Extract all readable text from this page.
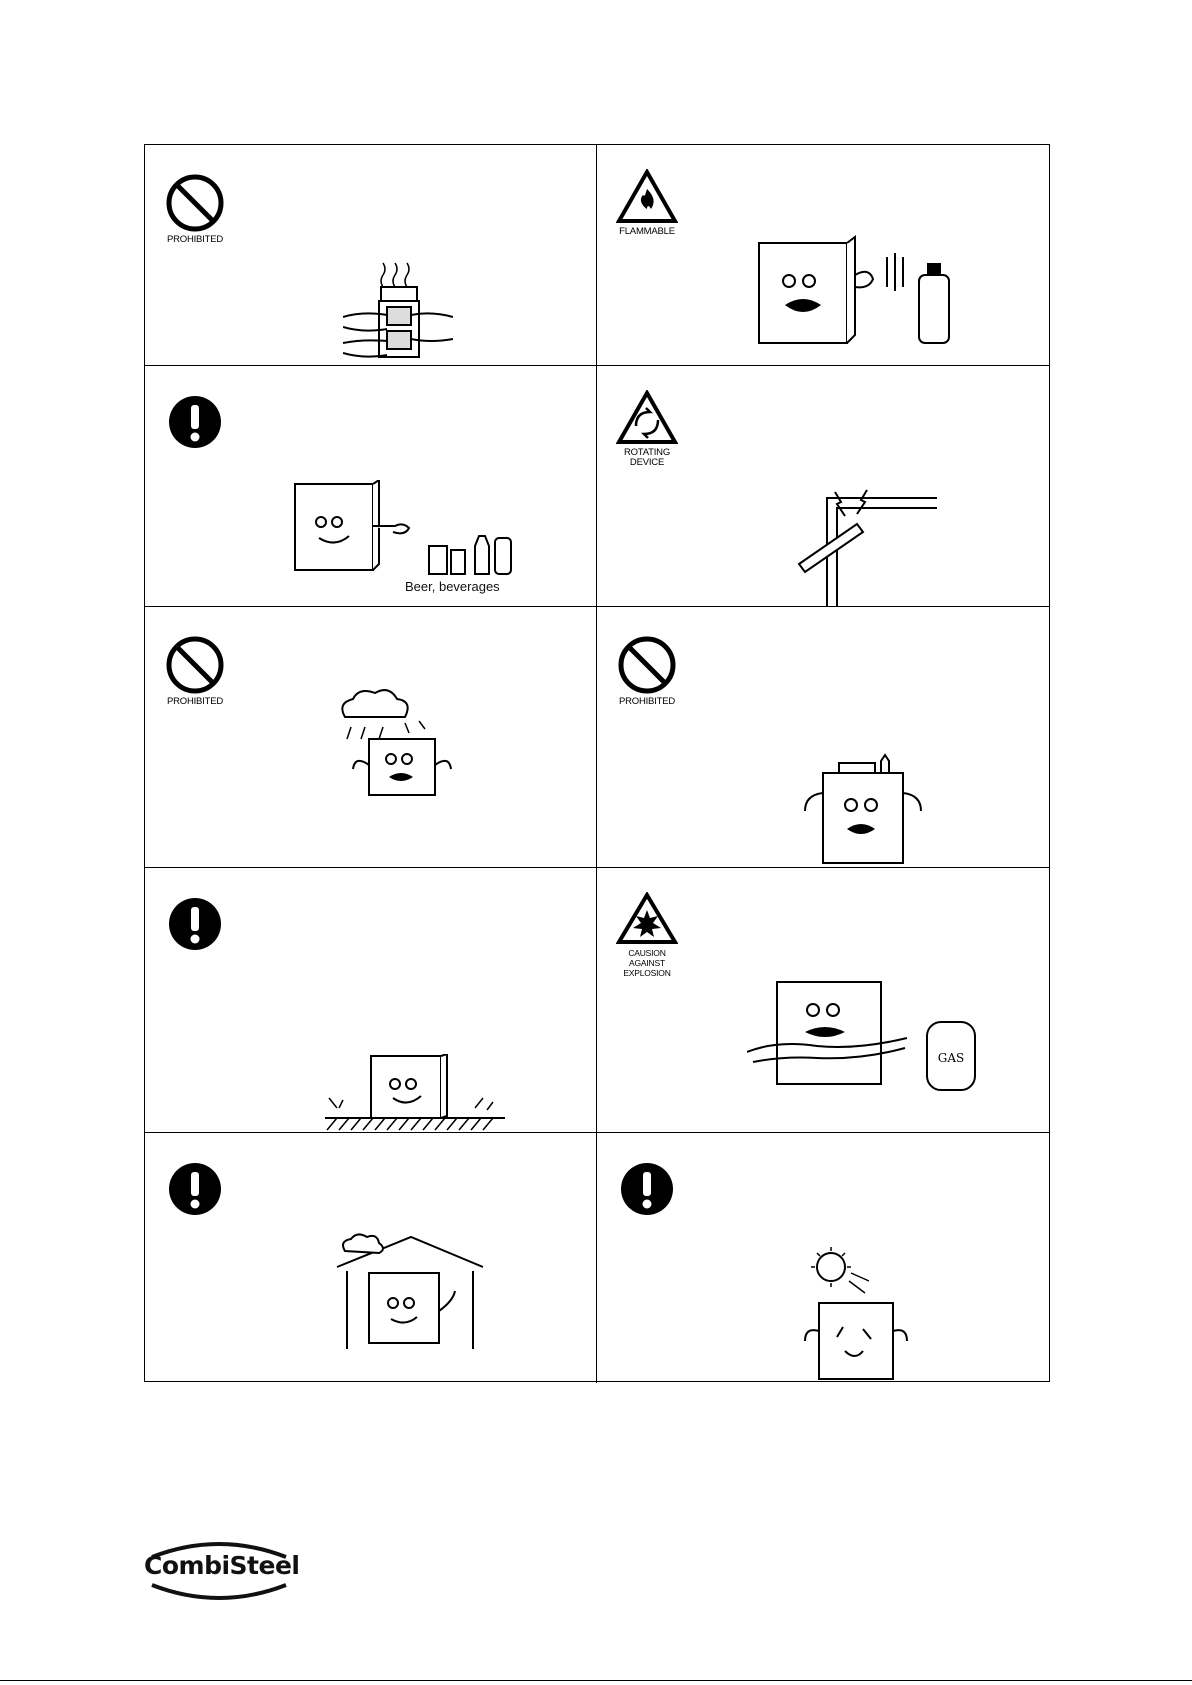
PROHIBITED
FLAMMABLE
Beer, beverages
ROTATING
DEVICE
PROHIBITED	PROHIBITED
CAUSION AGAINST
EXPLOSION
GAS
CombiSteel
